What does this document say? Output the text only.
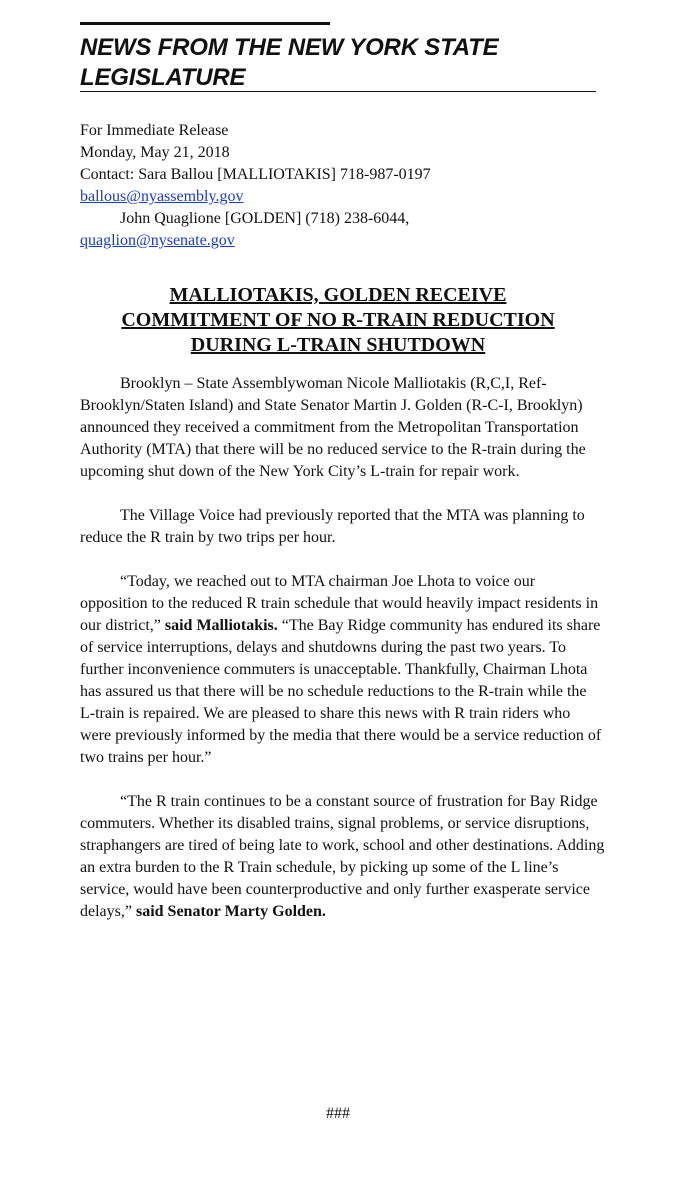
NEWS FROM THE NEW YORK STATE LEGISLATURE
For Immediate Release
Monday, May 21, 2018
Contact: Sara Ballou [MALLIOTAKIS] 718-987-0197
ballous@nyassembly.gov
John Quaglione [GOLDEN] (718) 238-6044,
quaglion@nysenate.gov
MALLIOTAKIS, GOLDEN RECEIVE
COMMITMENT OF NO R-TRAIN REDUCTION
DURING L-TRAIN SHUTDOWN

Brooklyn – State Assemblywoman Nicole Malliotakis (R,C,I, Ref-Brooklyn/Staten Island) and State Senator Martin J. Golden (R-C-I, Brooklyn) announced they received a commitment from the Metropolitan Transportation Authority (MTA) that there will be no reduced service to the R-train during the upcoming shut down of the New York City’s L-train for repair work.

The Village Voice had previously reported that the MTA was planning to reduce the R train by two trips per hour.

“Today, we reached out to MTA chairman Joe Lhota to voice our opposition to the reduced R train schedule that would heavily impact residents in our district,” said Malliotakis. “The Bay Ridge community has endured its share of service interruptions, delays and shutdowns during the past two years. To further inconvenience commuters is unacceptable. Thankfully, Chairman Lhota has assured us that there will be no schedule reductions to the R-train while the L-train is repaired. We are pleased to share this news with R train riders who were previously informed by the media that there would be a service reduction of two trains per hour.”

“The R train continues to be a constant source of frustration for Bay Ridge commuters. Whether its disabled trains, signal problems, or service disruptions, straphangers are tired of being late to work, school and other destinations. Adding an extra burden to the R Train schedule, by picking up some of the L line’s service, would have been counterproductive and only further exasperate service delays,” said Senator Marty Golden.

###
